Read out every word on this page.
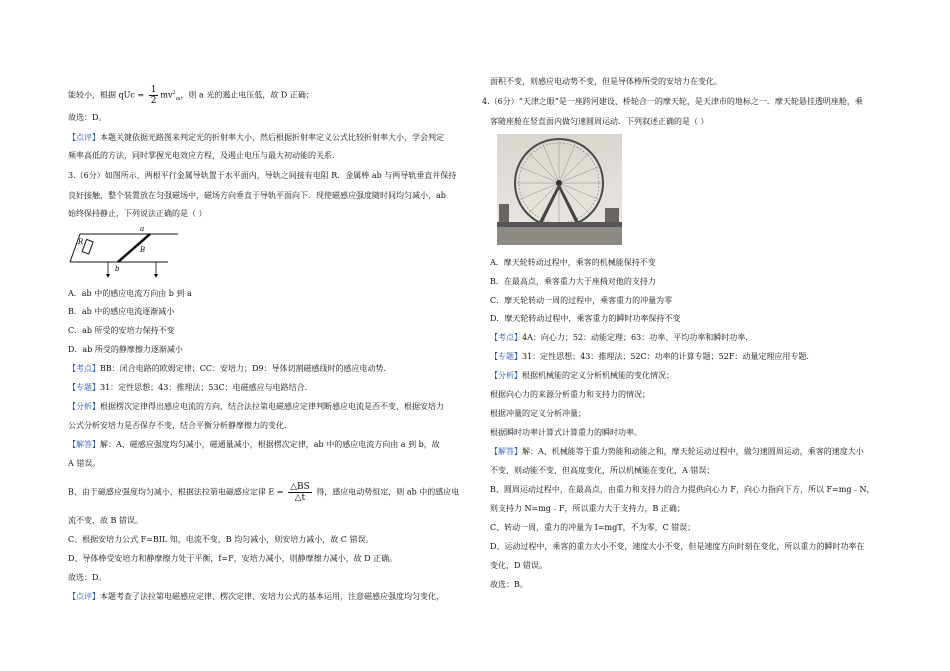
能较小，根据 qUc = $\frac{1}{2} mv^2_m$，则 a 光的遏止电压低，故 D 正确；
故选：D。
【点评】本题关键依据光路图来判定光的折射率大小，然后根据折射率定义公式比较折射率大小，学会判定
频率高低的方法，同时掌握光电效应方程，及遏止电压与最大初动能的关系.
3.（6分）如图所示，两根平行金属导轨置于水平面内，导轨之间接有电阻 R．金属棒 ab 与两导轨垂直并保持
良好接触，整个装置放在匀强磁场中，磁场方向垂直于导轨平面向下．现使磁感应强度随时间均匀减小，ab
始终保持静止，下列说法正确的是（ ）
R
a
B
b
A．ab 中的感应电流方向由 b 到 a
B．ab 中的感应电流逐渐减小
C．ab 所受的安培力保持不变
D．ab 所受的静摩擦力逐渐减小
【考点】BB：闭合电路的欧姆定律；CC：安培力；D9：导体切割磁感线时的感应电动势.
【专题】31：定性思想；43：推理法；53C：电磁感应与电路结合.
【分析】根据楞次定律得出感应电流的方向，结合法拉第电磁感应定律判断感应电流是否不变，根据安培力
公式分析安培力是否保存不变，结合平衡分析静摩擦力的变化.
【解答】解：A、磁感应强度均匀减小，磁通量减小，根据楞次定律，ab 中的感应电流方向由 a 到 b，故
A 错误。
B、由于磁感应强度均匀减小，根据法拉第电磁感应定律 $E = \frac{\triangle BS}{\triangle t}$ 得，感应电动势恒定，则 ab 中的感应电
流不变，故 B 错误。
C、根据安培力公式 F=BIL 知，电流不变，B 均匀减小，则安培力减小，故 C 错误。
D、导体棒受安培力和静摩擦力处于平衡，f=F，安培力减小，则静摩擦力减小，故 D 正确。
故选：D。
【点评】本题考查了法拉第电磁感应定律、楞次定律、安培力公式的基本运用，注意磁感应强度均匀变化，
面积不变，则感应电动势不变，但是导体棒所受的安培力在变化。
4.（6分）“天津之眼”是一座跨河建设、桥轮合一的摩天轮，是天津市的地标之一．摩天轮悬挂透明座舱，乘
客随座舱在竖直面内做匀速圆周运动．下列叙述正确的是（ ）
A．摩天轮转动过程中，乘客的机械能保持不变
B．在最高点，乘客重力大于座椅对他的支持力
C．摩天轮转动一周的过程中，乘客重力的冲量为零
D．摩天轮转动过程中，乘客重力的瞬时功率保持不变
【考点】4A：向心力；52：动能定理；63：功率、平均功率和瞬时功率.
【专题】31：定性思想；43：推理法；52C：功率的计算专题；52F：动量定理应用专题.
【分析】根据机械能的定义分析机械能的变化情况；
根据向心力的来源分析重力和支持力的情况；
根据冲量的定义分析冲量；
根据瞬时功率计算式计算重力的瞬时功率。
【解答】解：A、机械能等于重力势能和动能之和，摩天轮运动过程中，做匀速圆周运动，乘客的速度大小
不变，则动能不变，但高度变化，所以机械能在变化，A 错误；
B、圆周运动过程中，在最高点，由重力和支持力的合力提供向心力 F，向心力指向下方，所以 F=mg﹣N，
则支持力 N=mg﹣F，所以重力大于支持力，B 正确；
C、转动一周，重力的冲量为 I=mgT，不为零，C 错误；
D、运动过程中，乘客的重力大小不变，速度大小不变，但是速度方向时刻在变化，所以重力的瞬时功率在
变化，D 错误。
故选：B。
